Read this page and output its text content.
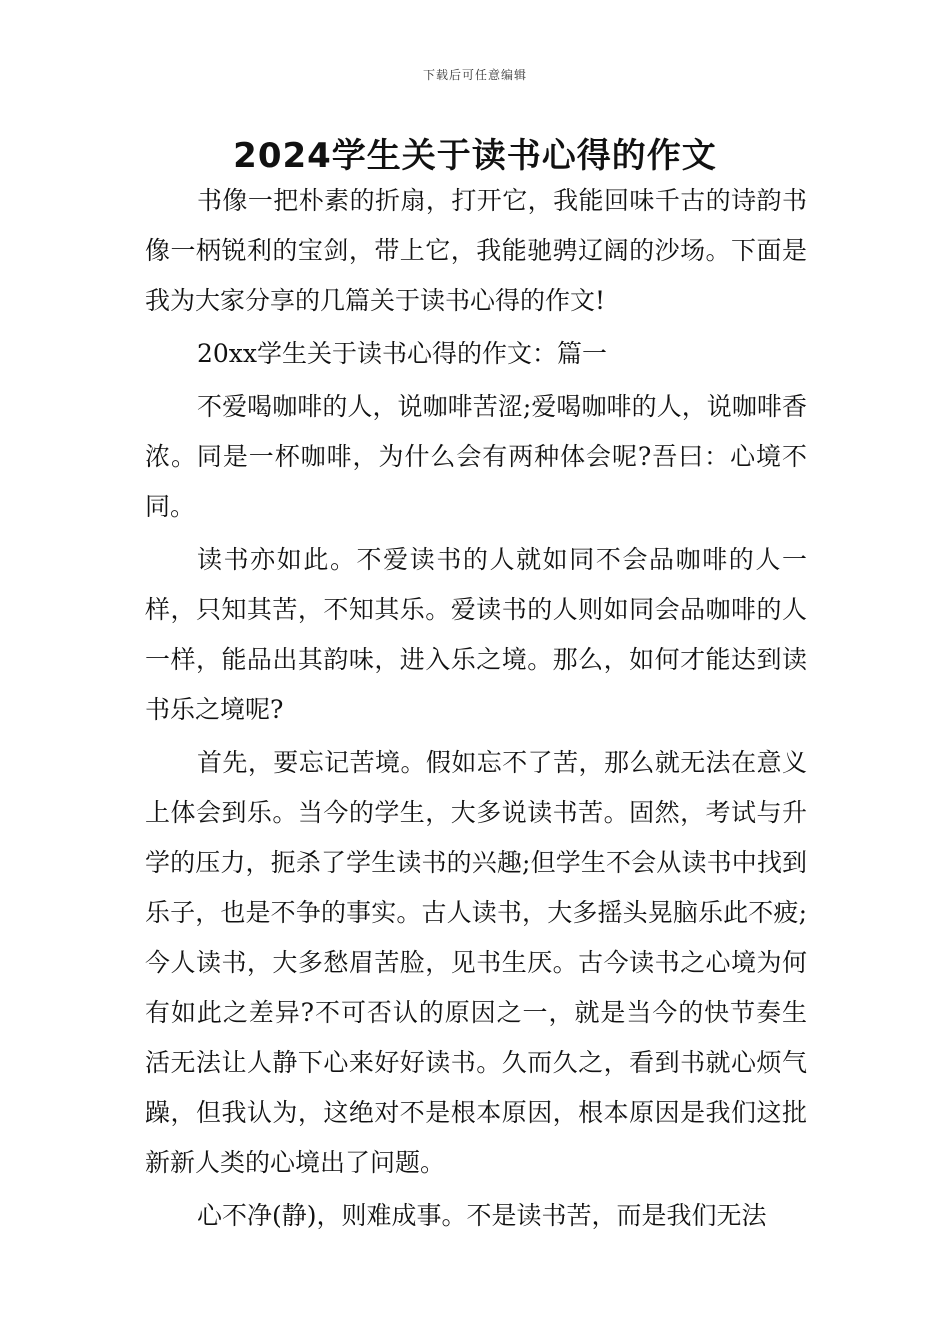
下载后可任意编辑
2024学生关于读书心得的作文

书像一把朴素的折扇，打开它，我能回味千古的诗韵书像一柄锐利的宝剑，带上它，我能驰骋辽阔的沙场。下面是我为大家分享的几篇关于读书心得的作文!

20xx学生关于读书心得的作文：篇一

不爱喝咖啡的人，说咖啡苦涩;爱喝咖啡的人，说咖啡香浓。同是一杯咖啡，为什么会有两种体会呢?吾曰：心境不同。

读书亦如此。不爱读书的人就如同不会品咖啡的人一样，只知其苦，不知其乐。爱读书的人则如同会品咖啡的人一样，能品出其韵味，进入乐之境。那么，如何才能达到读书乐之境呢?

首先，要忘记苦境。假如忘不了苦，那么就无法在意义上体会到乐。当今的学生，大多说读书苦。固然，考试与升学的压力，扼杀了学生读书的兴趣;但学生不会从读书中找到乐子，也是不争的事实。古人读书，大多摇头晃脑乐此不疲;今人读书，大多愁眉苦脸，见书生厌。古今读书之心境为何有如此之差异?不可否认的原因之一，就是当今的快节奏生活无法让人静下心来好好读书。久而久之，看到书就心烦气躁，但我认为，这绝对不是根本原因，根本原因是我们这批新新人类的心境出了问题。

心不净(静)，则难成事。不是读书苦，而是我们无法
